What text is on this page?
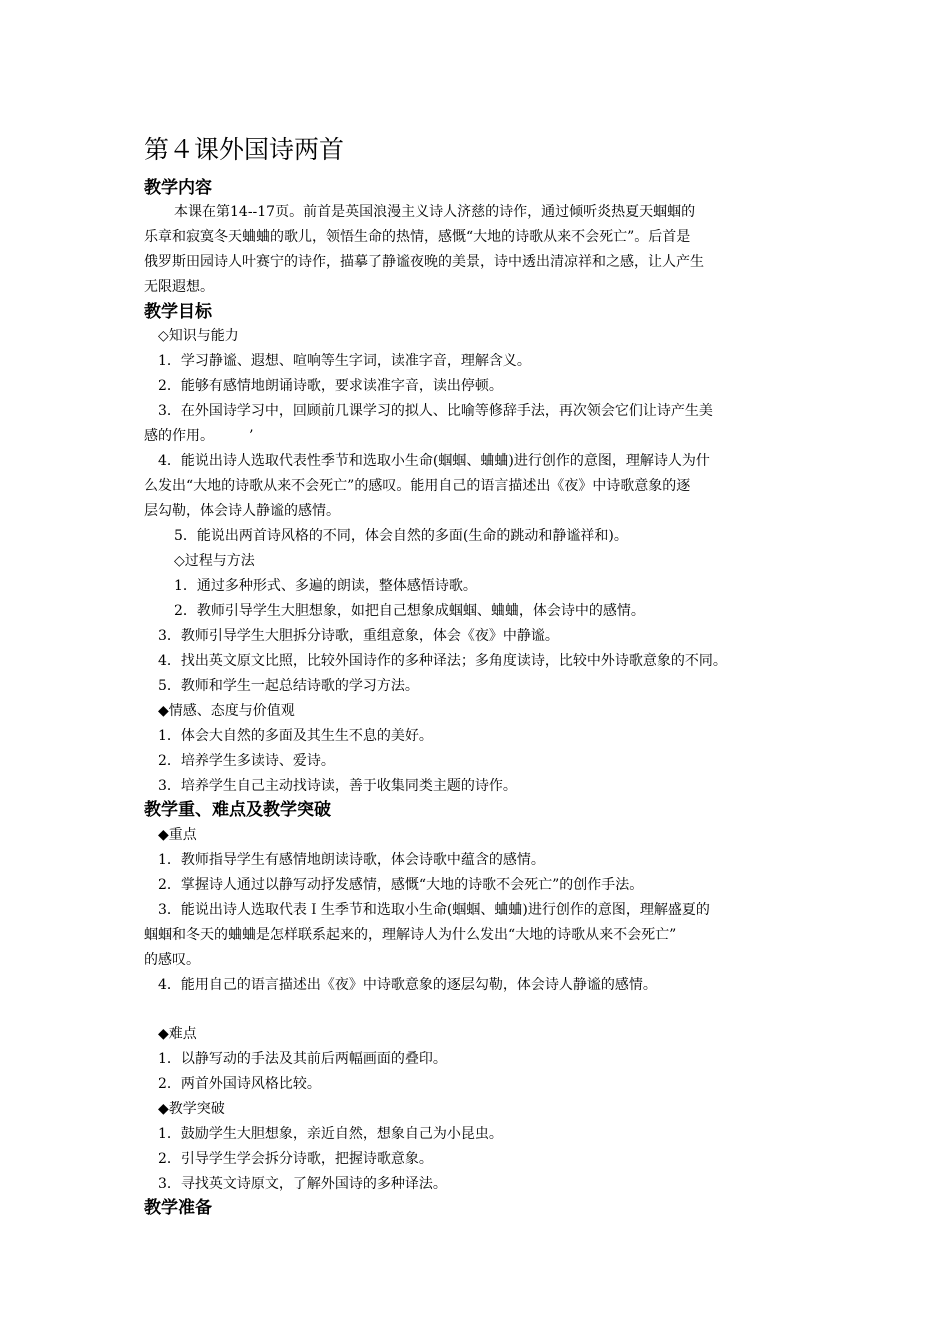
第４课外国诗两首
教学内容
本课在第14--17页。前首是英国浪漫主义诗人济慈的诗作，通过倾听炎热夏天蝈蝈的
乐章和寂寞冬天蛐蛐的歌儿，领悟生命的热情，感慨“大地的诗歌从来不会死亡”。后首是
俄罗斯田园诗人叶赛宁的诗作，描摹了静谧夜晚的美景，诗中透出清凉祥和之感，让人产生
无限遐想。
教学目标
◇知识与能力
1．学习静谧、遐想、喧响等生字词，读准字音，理解含义。
2．能够有感情地朗诵诗歌，要求读准字音，读出停顿。
3．在外国诗学习中，回顾前几课学习的拟人、比喻等修辞手法，再次领会它们让诗产生美
感的作用。　　　’
4．能说出诗人选取代表性季节和选取小生命(蝈蝈、蛐蛐)进行创作的意图，理解诗人为什
么发出“大地的诗歌从来不会死亡”的感叹。能用自己的语言描述出《夜》中诗歌意象的逐
层勾勒，体会诗人静谧的感情。
5．能说出两首诗风格的不同，体会自然的多面(生命的跳动和静谧祥和)。
◇过程与方法
1．通过多种形式、多遍的朗读，整体感悟诗歌。
2．教师引导学生大胆想象，如把自己想象成蝈蝈、蛐蛐，体会诗中的感情。
3．教师引导学生大胆拆分诗歌，重组意象，体会《夜》中静谧。
4．找出英文原文比照，比较外国诗作的多种译法；多角度读诗，比较中外诗歌意象的不同。
5．教师和学生一起总结诗歌的学习方法。
◆情感、态度与价值观
1．体会大自然的多面及其生生不息的美好。
2．培养学生多读诗、爱诗。
3．培养学生自己主动找诗读，善于收集同类主题的诗作。
教学重、难点及教学突破
◆重点
1．教师指导学生有感情地朗读诗歌，体会诗歌中蕴含的感情。
2．掌握诗人通过以静写动抒发感情，感慨“大地的诗歌不会死亡”的创作手法。
3．能说出诗人选取代表Ｉ生季节和选取小生命(蝈蝈、蛐蛐)进行创作的意图，理解盛夏的
蝈蝈和冬天的蛐蛐是怎样联系起来的，理解诗人为什么发出“大地的诗歌从来不会死亡”
的感叹。
4．能用自己的语言描述出《夜》中诗歌意象的逐层勾勒，体会诗人静谧的感情。
◆难点
1．以静写动的手法及其前后两幅画面的叠印。
2．两首外国诗风格比较。
◆教学突破
1．鼓励学生大胆想象，亲近自然，想象自己为小昆虫。
2．引导学生学会拆分诗歌，把握诗歌意象。
3．寻找英文诗原文，了解外国诗的多种译法。
教学准备
